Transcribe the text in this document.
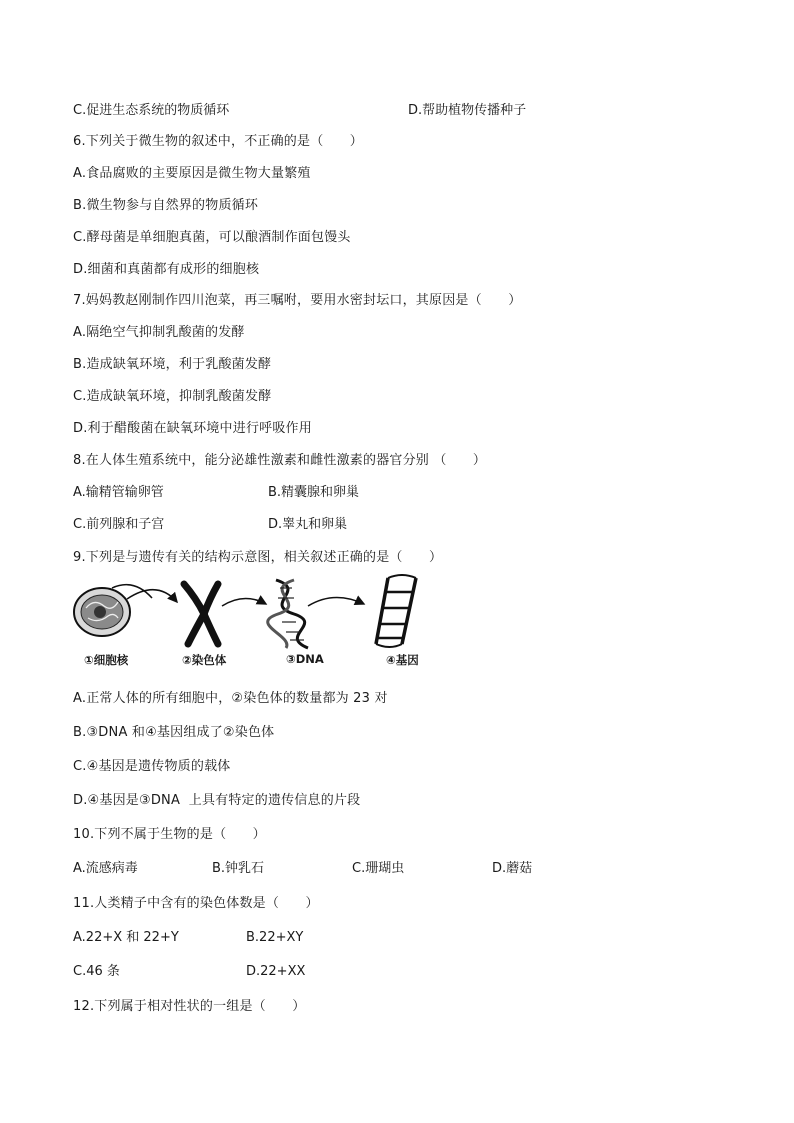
C.促进生态系统的物质循环	D.帮助植物传播种子
6.下列关于微生物的叙述中，不正确的是（　　）
A.食品腐败的主要原因是微生物大量繁殖
B.微生物参与自然界的物质循环
C.酵母菌是单细胞真菌，可以酿酒制作面包馒头
D.细菌和真菌都有成形的细胞核
7.妈妈教赵刚制作四川泡菜，再三嘱咐，要用水密封坛口，其原因是（　　）
A.隔绝空气抑制乳酸菌的发酵
B.造成缺氧环境，利于乳酸菌发酵
C.造成缺氧环境，抑制乳酸菌发酵
D.利于醋酸菌在缺氧环境中进行呼吸作用
8.在人体生殖系统中，能分泌雄性激素和雌性激素的器官分别 （　　）
A.输精管输卵管	B.精囊腺和卵巢
C.前列腺和子宫	D.睾丸和卵巢
9.下列是与遗传有关的结构示意图，相关叙述正确的是（　　）
①细胞核	②染色体	③DNA	④基因
A.正常人体的所有细胞中，②染色体的数量都为 23 对
B.③DNA 和④基因组成了②染色体
C.④基因是遗传物质的载体
D.④基因是③DNA  上具有特定的遗传信息的片段
10.下列不属于生物的是（　　）
A.流感病毒	B.钟乳石	C.珊瑚虫	D.蘑菇
11.人类精子中含有的染色体数是（　　）
A.22+X 和 22+Y	B.22+XY
C.46 条	D.22+XX
12.下列属于相对性状的一组是（　　）
